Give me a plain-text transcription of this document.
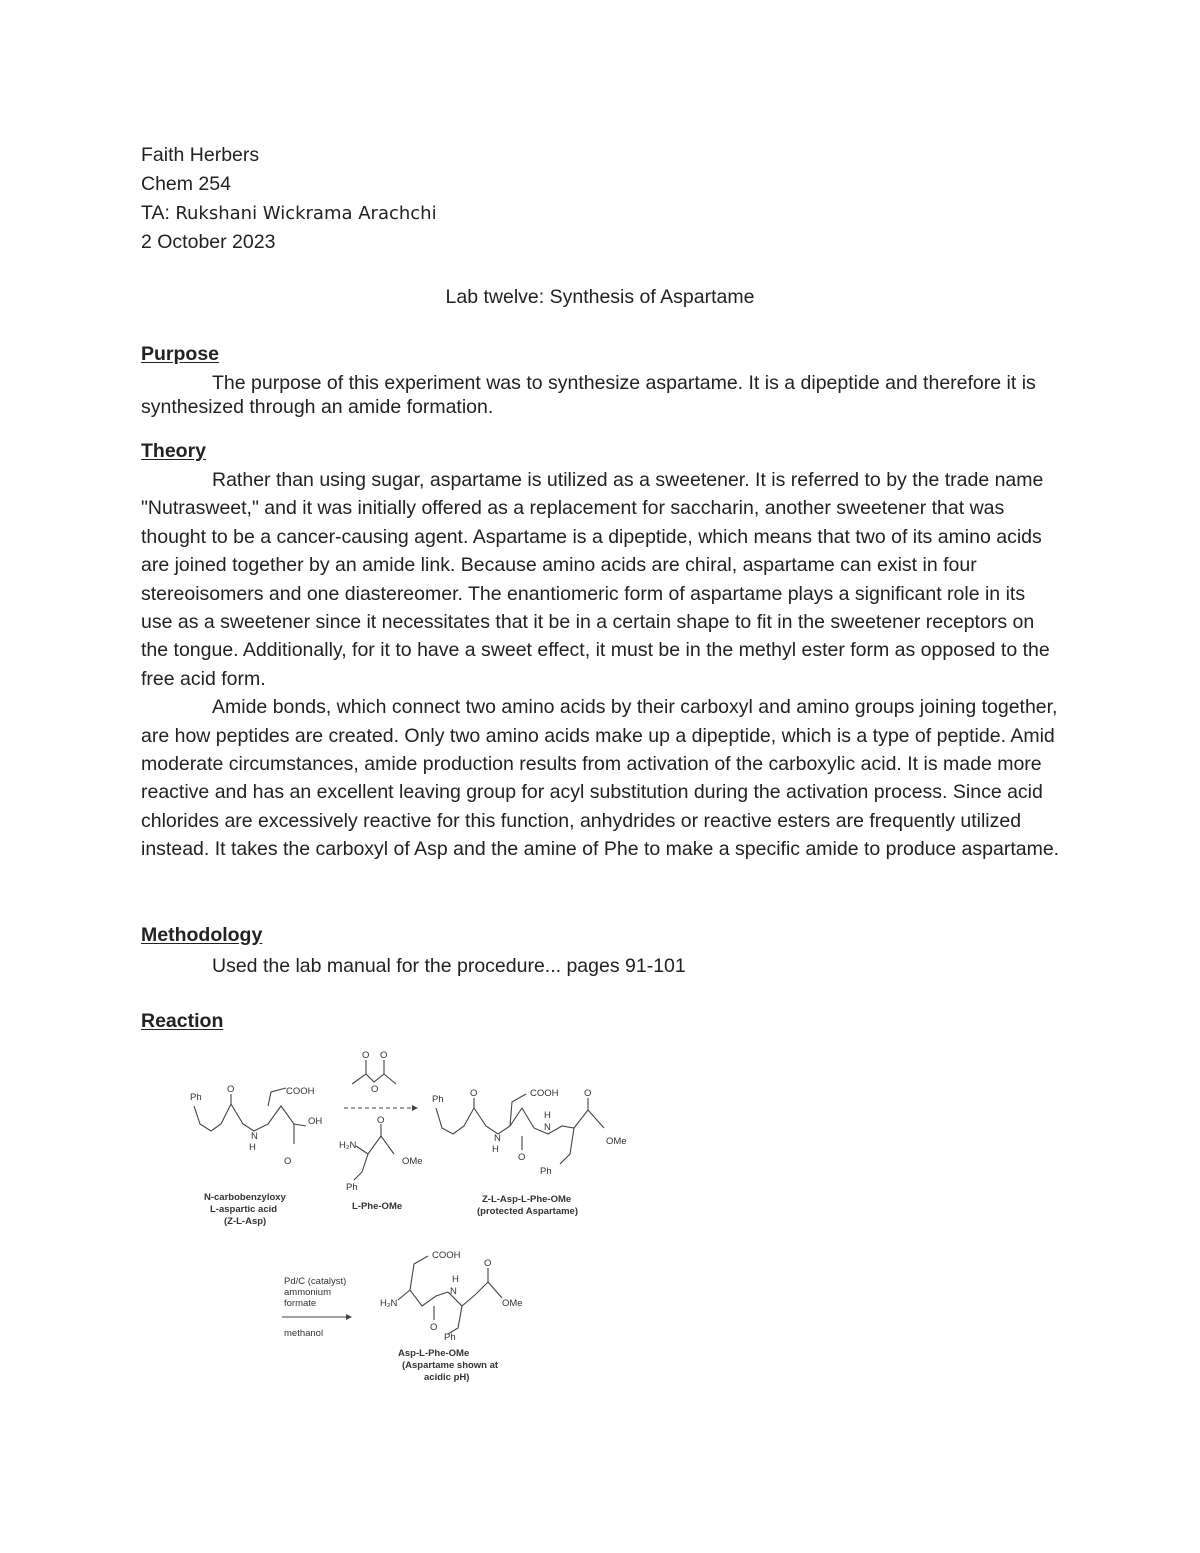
Faith Herbers
Chem 254
TA: Rukshani Wickrama Arachchi
2 October 2023
Lab twelve: Synthesis of Aspartame
Purpose

The purpose of this experiment was to synthesize aspartame. It is a dipeptide and therefore it is synthesized through an amide formation.

Theory

Rather than using sugar, aspartame is utilized as a sweetener. It is referred to by the trade name "Nutrasweet," and it was initially offered as a replacement for saccharin, another sweetener that was thought to be a cancer-causing agent. Aspartame is a dipeptide, which means that two of its amino acids are joined together by an amide link. Because amino acids are chiral, aspartame can exist in four stereoisomers and one diastereomer. The enantiomeric form of aspartame plays a significant role in its use as a sweetener since it necessitates that it be in a certain shape to fit in the sweetener receptors on the tongue. Additionally, for it to have a sweet effect, it must be in the methyl ester form as opposed to the free acid form.

Amide bonds, which connect two amino acids by their carboxyl and amino groups joining together, are how peptides are created. Only two amino acids make up a dipeptide, which is a type of peptide. Amid moderate circumstances, amide production results from activation of the carboxylic acid. It is made more reactive and has an excellent leaving group for acyl substitution during the activation process. Since acid chlorides are excessively reactive for this function, anhydrides or reactive esters are frequently utilized instead. It takes the carboxyl of Asp and the amine of Phe to make a specific amide to produce aspartame.

Methodology

Used the lab manual for the procedure... pages 91-101

Reaction
Ph
O
N
H
COOH
OH
O
N-carbobenzyloxy
L-aspartic acid
(Z-L-Asp)
O O
O
H₂N
O
OMe
Ph
L-Phe-OMe
Ph
O
N
H
COOH
O
H
N
O
OMe
Ph
Z-L-Asp-L-Phe-OMe
(protected Aspartame)
Pd/C (catalyst)
ammonium
formate
methanol
H₂N
COOH
O
H
N
O
OMe
Ph
Asp-L-Phe-OMe
(Aspartame shown at
acidic pH)
